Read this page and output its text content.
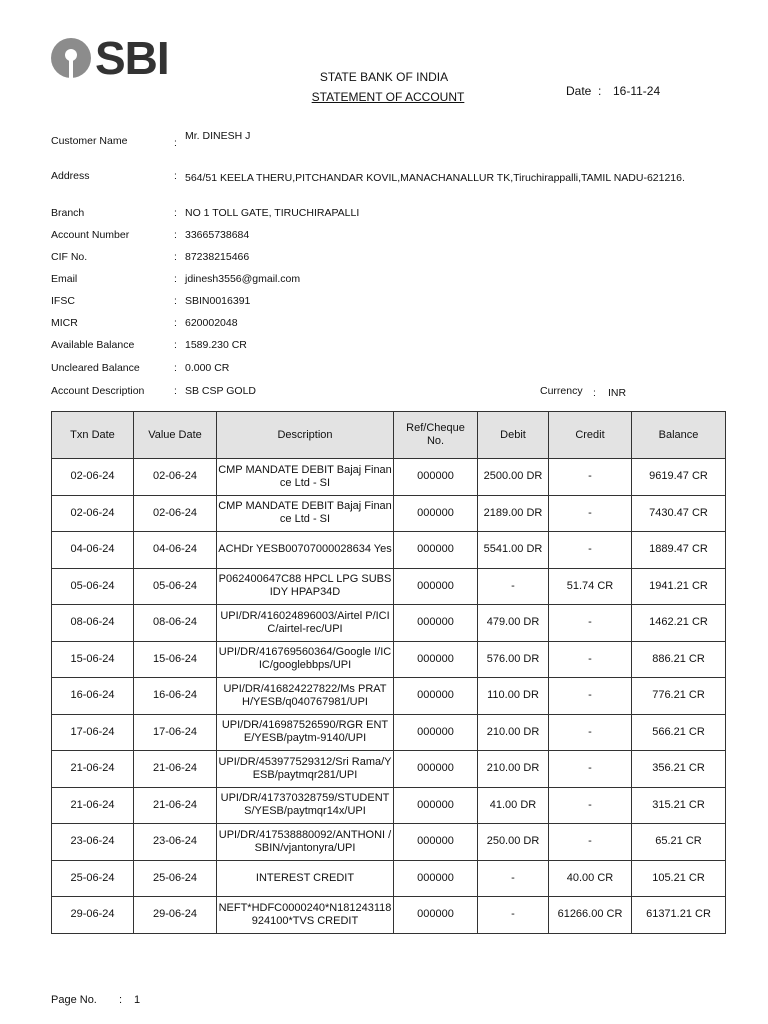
SBI	STATE BANK OF INDIA
STATEMENT OF ACCOUNT	Date : 16-11-24
Customer Name	:
Mr. DINESH J
Address	: 564/51 KEELA THERU,PITCHANDAR KOVIL,MANACHANALLUR TK,Tiruchirappalli,TAMIL NADU-621216.
Branch	: NO 1 TOLL GATE, TIRUCHIRAPALLI
Account Number	: 33665738684
CIF No.	: 87238215466
Email	: jdinesh3556@gmail.com
IFSC	: SBIN0016391
MICR	: 620002048
Available Balance	: 1589.230 CR
Uncleared Balance	: 0.000 CR
Account Description	: SB CSP GOLD	Currency : INR
Txn Date	Value Date	Description	Ref/Cheque No.	Debit	Credit	Balance
02-06-24	02-06-24	CMP MANDATE DEBIT Bajaj Finance Ltd - SI	000000	2500.00 DR	-	9619.47 CR
02-06-24	02-06-24	CMP MANDATE DEBIT Bajaj Finance Ltd - SI	000000	2189.00 DR	-	7430.47 CR
04-06-24	04-06-24	ACHDr YESB00707000028634 Yes	000000	5541.00 DR	-	1889.47 CR
05-06-24	05-06-24	P062400647C88 HPCL LPG SUBSIDY HPAP34D	000000	-	51.74 CR	1941.21 CR
08-06-24	08-06-24	UPI/DR/416024896003/Airtel P/ICIC/airtel-rec/UPI	000000	479.00 DR	-	1462.21 CR
15-06-24	15-06-24	UPI/DR/416769560364/Google I/ICIC/googlebbps/UPI	000000	576.00 DR	-	886.21 CR
16-06-24	16-06-24	UPI/DR/416824227822/Ms PRATH/YESB/q040767981/UPI	000000	110.00 DR	-	776.21 CR
17-06-24	17-06-24	UPI/DR/416987526590/RGR ENTE/YESB/paytm-9140/UPI	000000	210.00 DR	-	566.21 CR
21-06-24	21-06-24	UPI/DR/453977529312/Sri Rama/YESB/paytmqr281/UPI	000000	210.00 DR	-	356.21 CR
21-06-24	21-06-24	UPI/DR/417370328759/STUDENTS/YESB/paytmqr14x/UPI	000000	41.00 DR	-	315.21 CR
23-06-24	23-06-24	UPI/DR/417538880092/ANTHONI /SBIN/vjantonyra/UPI	000000	250.00 DR	-	65.21 CR
25-06-24	25-06-24	INTEREST CREDIT	000000	-	40.00 CR	105.21 CR
29-06-24	29-06-24	NEFT*HDFC0000240*N181243118924100*TVS CREDIT	000000	-	61266.00 CR	61371.21 CR
Page No. : 1
